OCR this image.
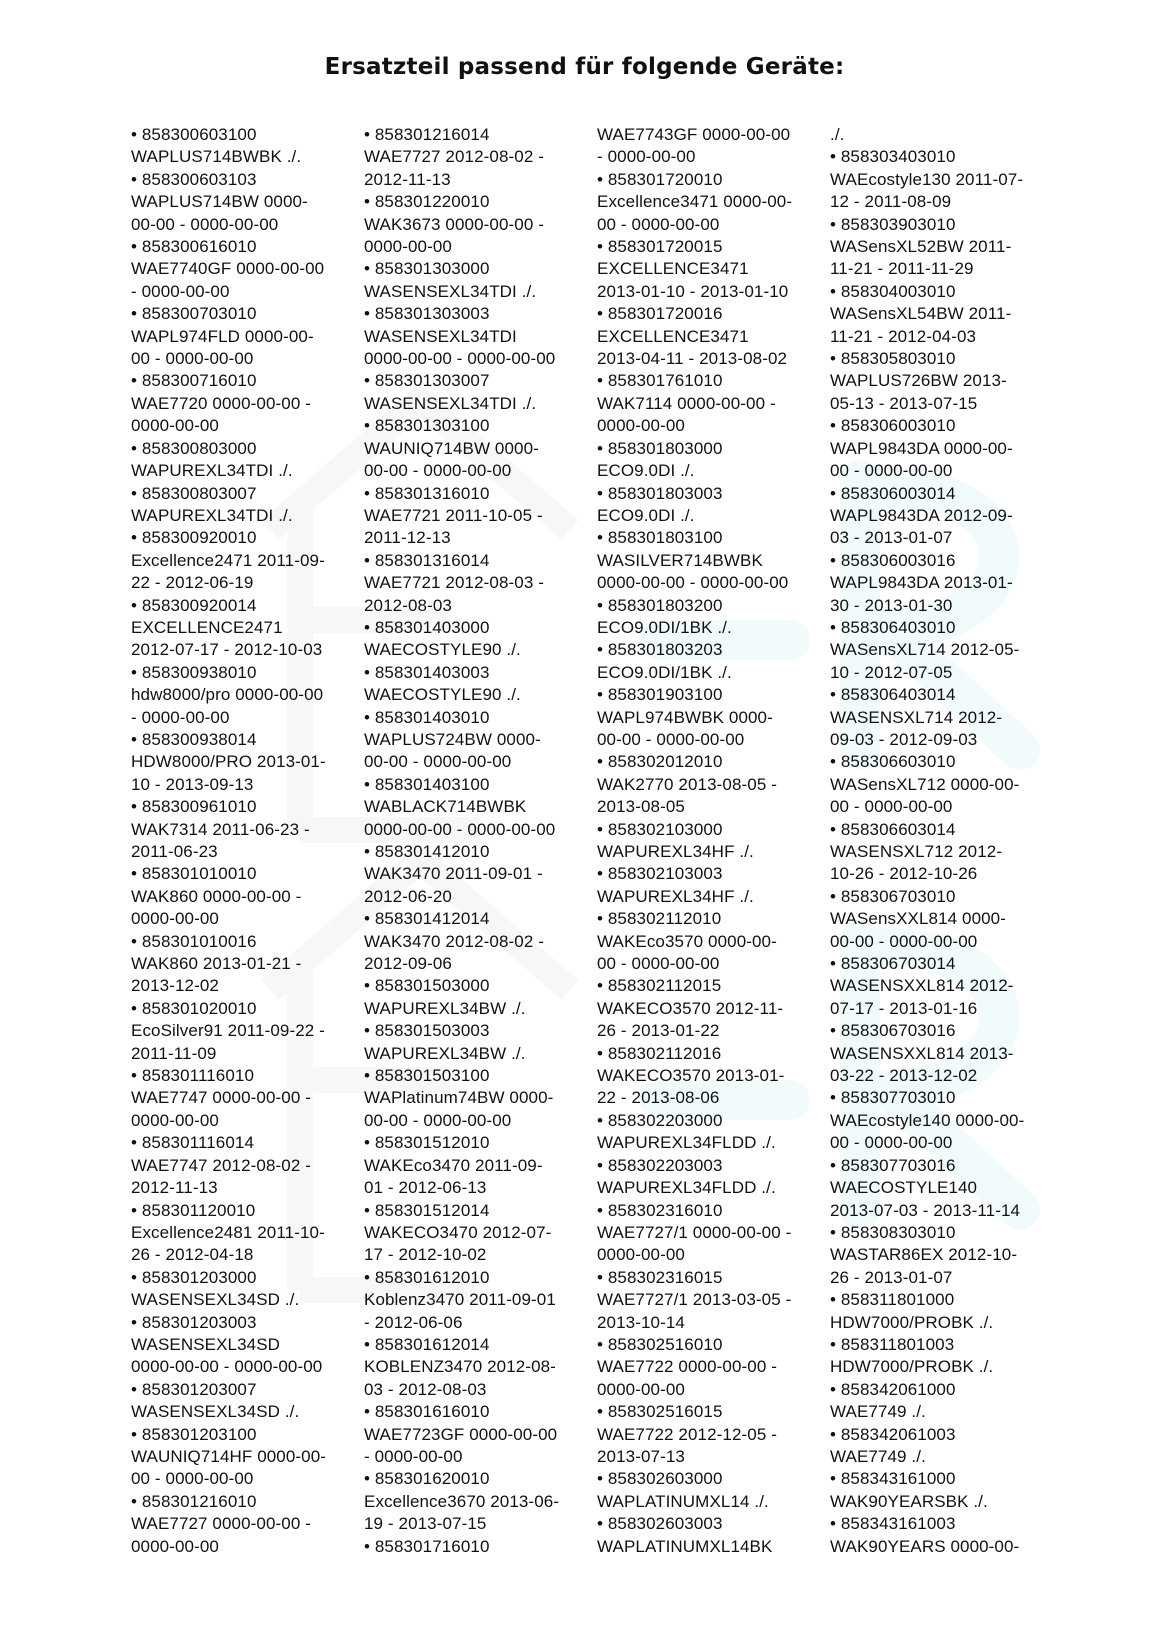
Ersatzteil passend für folgende Geräte:
• 858300603100
WAPLUS714BWBK ./.
• 858300603103
WAPLUS714BW 0000-
00-00 - 0000-00-00
• 858300616010
WAE7740GF 0000-00-00
- 0000-00-00
• 858300703010
WAPL974FLD 0000-00-
00 - 0000-00-00
• 858300716010
WAE7720 0000-00-00 -
0000-00-00
• 858300803000
WAPUREXL34TDI ./.
• 858300803007
WAPUREXL34TDI ./.
• 858300920010
Excellence2471 2011-09-
22 - 2012-06-19
• 858300920014
EXCELLENCE2471
2012-07-17 - 2012-10-03
• 858300938010
hdw8000/pro 0000-00-00
- 0000-00-00
• 858300938014
HDW8000/PRO 2013-01-
10 - 2013-09-13
• 858300961010
WAK7314 2011-06-23 -
2011-06-23
• 858301010010
WAK860 0000-00-00 -
0000-00-00
• 858301010016
WAK860 2013-01-21 -
2013-12-02
• 858301020010
EcoSilver91 2011-09-22 -
2011-11-09
• 858301116010
WAE7747 0000-00-00 -
0000-00-00
• 858301116014
WAE7747 2012-08-02 -
2012-11-13
• 858301120010
Excellence2481 2011-10-
26 - 2012-04-18
• 858301203000
WASENSEXL34SD ./.
• 858301203003
WASENSEXL34SD
0000-00-00 - 0000-00-00
• 858301203007
WASENSEXL34SD ./.
• 858301203100
WAUNIQ714HF 0000-00-
00 - 0000-00-00
• 858301216010
WAE7727 0000-00-00 -
0000-00-00
• 858301216014
WAE7727 2012-08-02 -
2012-11-13
• 858301220010
WAK3673 0000-00-00 -
0000-00-00
• 858301303000
WASENSEXL34TDI ./.
• 858301303003
WASENSEXL34TDI
0000-00-00 - 0000-00-00
• 858301303007
WASENSEXL34TDI ./.
• 858301303100
WAUNIQ714BW 0000-
00-00 - 0000-00-00
• 858301316010
WAE7721 2011-10-05 -
2011-12-13
• 858301316014
WAE7721 2012-08-03 -
2012-08-03
• 858301403000
WAECOSTYLE90 ./.
• 858301403003
WAECOSTYLE90 ./.
• 858301403010
WAPLUS724BW 0000-
00-00 - 0000-00-00
• 858301403100
WABLACK714BWBK
0000-00-00 - 0000-00-00
• 858301412010
WAK3470 2011-09-01 -
2012-06-20
• 858301412014
WAK3470 2012-08-02 -
2012-09-06
• 858301503000
WAPUREXL34BW ./.
• 858301503003
WAPUREXL34BW ./.
• 858301503100
WAPlatinum74BW 0000-
00-00 - 0000-00-00
• 858301512010
WAKEco3470 2011-09-
01 - 2012-06-13
• 858301512014
WAKECO3470 2012-07-
17 - 2012-10-02
• 858301612010
Koblenz3470 2011-09-01
- 2012-06-06
• 858301612014
KOBLENZ3470 2012-08-
03 - 2012-08-03
• 858301616010
WAE7723GF 0000-00-00
- 0000-00-00
• 858301620010
Excellence3670 2013-06-
19 - 2013-07-15
• 858301716010
WAE7743GF 0000-00-00
- 0000-00-00
• 858301720010
Excellence3471 0000-00-
00 - 0000-00-00
• 858301720015
EXCELLENCE3471
2013-01-10 - 2013-01-10
• 858301720016
EXCELLENCE3471
2013-04-11 - 2013-08-02
• 858301761010
WAK7114 0000-00-00 -
0000-00-00
• 858301803000
ECO9.0DI ./.
• 858301803003
ECO9.0DI ./.
• 858301803100
WASILVER714BWBK
0000-00-00 - 0000-00-00
• 858301803200
ECO9.0DI/1BK ./.
• 858301803203
ECO9.0DI/1BK ./.
• 858301903100
WAPL974BWBK 0000-
00-00 - 0000-00-00
• 858302012010
WAK2770 2013-08-05 -
2013-08-05
• 858302103000
WAPUREXL34HF ./.
• 858302103003
WAPUREXL34HF ./.
• 858302112010
WAKEco3570 0000-00-
00 - 0000-00-00
• 858302112015
WAKECO3570 2012-11-
26 - 2013-01-22
• 858302112016
WAKECO3570 2013-01-
22 - 2013-08-06
• 858302203000
WAPUREXL34FLDD ./.
• 858302203003
WAPUREXL34FLDD ./.
• 858302316010
WAE7727/1 0000-00-00 -
0000-00-00
• 858302316015
WAE7727/1 2013-03-05 -
2013-10-14
• 858302516010
WAE7722 0000-00-00 -
0000-00-00
• 858302516015
WAE7722 2012-12-05 -
2013-07-13
• 858302603000
WAPLATINUMXL14 ./.
• 858302603003
WAPLATINUMXL14BK
./.
• 858303403010
WAEcostyle130 2011-07-
12 - 2011-08-09
• 858303903010
WASensXL52BW 2011-
11-21 - 2011-11-29
• 858304003010
WASensXL54BW 2011-
11-21 - 2012-04-03
• 858305803010
WAPLUS726BW 2013-
05-13 - 2013-07-15
• 858306003010
WAPL9843DA 0000-00-
00 - 0000-00-00
• 858306003014
WAPL9843DA 2012-09-
03 - 2013-01-07
• 858306003016
WAPL9843DA 2013-01-
30 - 2013-01-30
• 858306403010
WASensXL714 2012-05-
10 - 2012-07-05
• 858306403014
WASENSXL714 2012-
09-03 - 2012-09-03
• 858306603010
WASensXL712 0000-00-
00 - 0000-00-00
• 858306603014
WASENSXL712 2012-
10-26 - 2012-10-26
• 858306703010
WASensXXL814 0000-
00-00 - 0000-00-00
• 858306703014
WASENSXXL814 2012-
07-17 - 2013-01-16
• 858306703016
WASENSXXL814 2013-
03-22 - 2013-12-02
• 858307703010
WAEcostyle140 0000-00-
00 - 0000-00-00
• 858307703016
WAECOSTYLE140
2013-07-03 - 2013-11-14
• 858308303010
WASTAR86EX 2012-10-
26 - 2013-01-07
• 858311801000
HDW7000/PROBK ./.
• 858311801003
HDW7000/PROBK ./.
• 858342061000
WAE7749 ./.
• 858342061003
WAE7749 ./.
• 858343161000
WAK90YEARSBK ./.
• 858343161003
WAK90YEARS 0000-00-
